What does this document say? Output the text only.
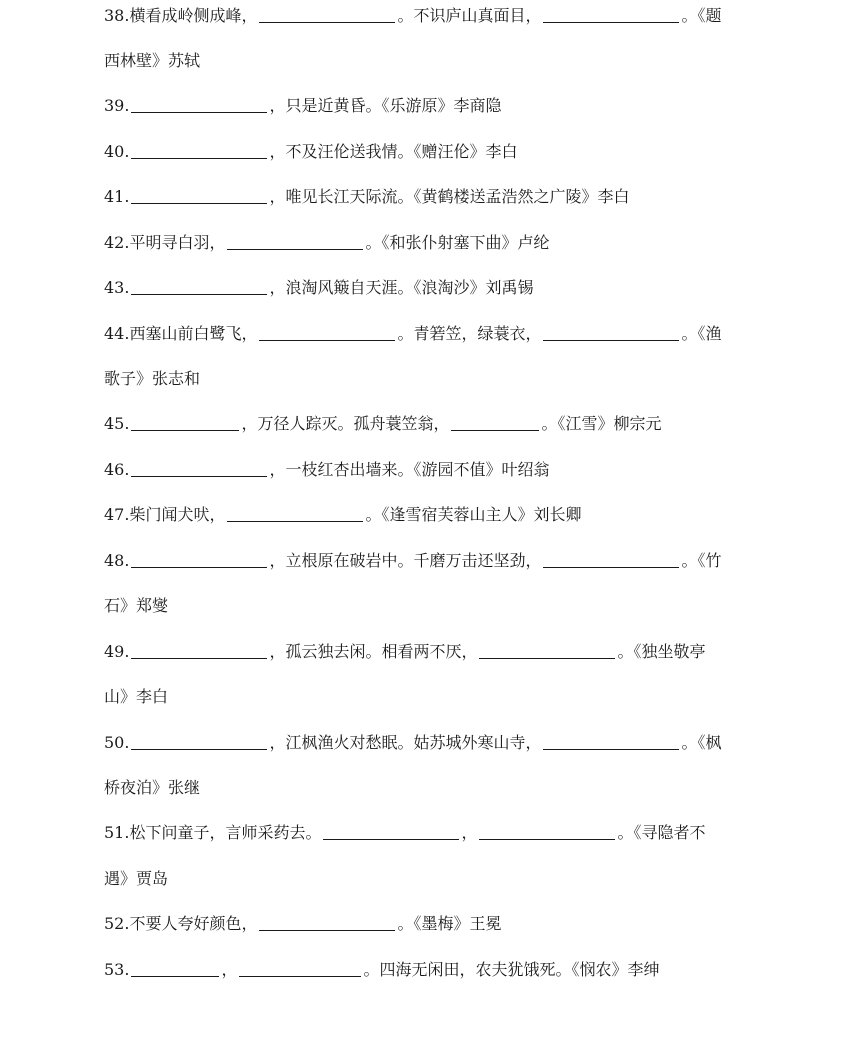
38.横看成岭侧成峰，	。不识庐山真面目，	。《题
西林壁》苏轼
39.	，只是近黄昏。《乐游原》李商隐
40.	，不及汪伦送我情。《赠汪伦》李白
41.	，唯见长江天际流。《黄鹤楼送孟浩然之广陵》李白
42.平明寻白羽，	。《和张仆射塞下曲》卢纶
43.	，浪淘风簸自天涯。《浪淘沙》刘禹锡
44.西塞山前白鹭飞，	。青箬笠，绿蓑衣，	。《渔
歌子》张志和
45.	，万径人踪灭。孤舟蓑笠翁，	。《江雪》柳宗元
46.	，一枝红杏出墙来。《游园不值》叶绍翁
47.柴门闻犬吠，	。《逢雪宿芙蓉山主人》刘长卿
48.	，立根原在破岩中。千磨万击还坚劲，	。《竹
石》郑燮
49.	，孤云独去闲。相看两不厌，	。《独坐敬亭
山》李白
50.	，江枫渔火对愁眠。姑苏城外寒山寺，	。《枫
桥夜泊》张继
51.松下问童子，言师采药去。	，	。《寻隐者不
遇》贾岛
52.不要人夸好颜色，	。《墨梅》王冕
53.	，	。四海无闲田，农夫犹饿死。《悯农》李绅
